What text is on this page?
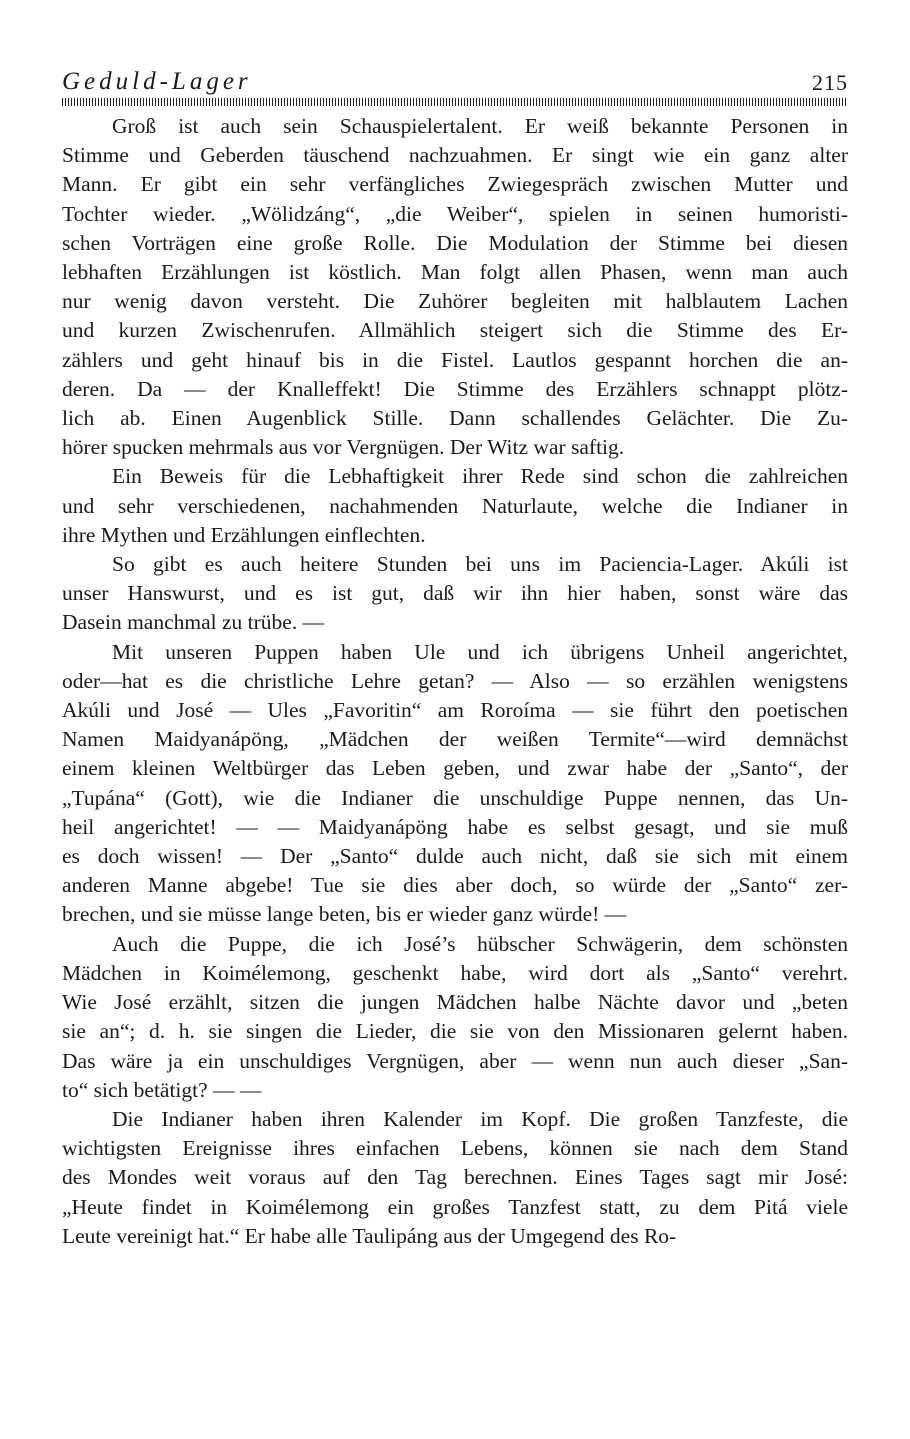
Geduld-Lager	215
Groß ist auch sein Schauspielertalent. Er weiß bekannte Personen in
Stimme und Geberden täuschend nachzuahmen. Er singt wie ein ganz alter
Mann. Er gibt ein sehr verfängliches Zwiegespräch zwischen Mutter und
Tochter wieder. „Wölidzáng“, „die Weiber“, spielen in seinen humoristi-
schen Vorträgen eine große Rolle. Die Modulation der Stimme bei diesen
lebhaften Erzählungen ist köstlich. Man folgt allen Phasen, wenn man auch
nur wenig davon versteht. Die Zuhörer begleiten mit halblautem Lachen
und kurzen Zwischenrufen. Allmählich steigert sich die Stimme des Er-
zählers und geht hinauf bis in die Fistel. Lautlos gespannt horchen die an-
deren. Da — der Knalleffekt! Die Stimme des Erzählers schnappt plötz-
lich ab. Einen Augenblick Stille. Dann schallendes Gelächter. Die Zu-
hörer spucken mehrmals aus vor Vergnügen. Der Witz war saftig.
Ein Beweis für die Lebhaftigkeit ihrer Rede sind schon die zahlreichen
und sehr verschiedenen, nachahmenden Naturlaute, welche die Indianer in
ihre Mythen und Erzählungen einflechten.
So gibt es auch heitere Stunden bei uns im Paciencia-Lager. Akúli ist
unser Hanswurst, und es ist gut, daß wir ihn hier haben, sonst wäre das
Dasein manchmal zu trübe. —
Mit unseren Puppen haben Ule und ich übrigens Unheil angerichtet,
oder—hat es die christliche Lehre getan? — Also — so erzählen wenigstens
Akúli und José — Ules „Favoritin“ am Roroíma — sie führt den poetischen
Namen Maidyanápöng, „Mädchen der weißen Termite“—wird demnächst
einem kleinen Weltbürger das Leben geben, und zwar habe der „Santo“, der
„Tupána“ (Gott), wie die Indianer die unschuldige Puppe nennen, das Un-
heil angerichtet! — — Maidyanápöng habe es selbst gesagt, und sie muß
es doch wissen! — Der „Santo“ dulde auch nicht, daß sie sich mit einem
anderen Manne abgebe! Tue sie dies aber doch, so würde der „Santo“ zer-
brechen, und sie müsse lange beten, bis er wieder ganz würde! —
Auch die Puppe, die ich José’s hübscher Schwägerin, dem schönsten
Mädchen in Koimélemong, geschenkt habe, wird dort als „Santo“ verehrt.
Wie José erzählt, sitzen die jungen Mädchen halbe Nächte davor und „beten
sie an“; d. h. sie singen die Lieder, die sie von den Missionaren gelernt haben.
Das wäre ja ein unschuldiges Vergnügen, aber — wenn nun auch dieser „San-
to“ sich betätigt? — —
Die Indianer haben ihren Kalender im Kopf. Die großen Tanzfeste, die
wichtigsten Ereignisse ihres einfachen Lebens, können sie nach dem Stand
des Mondes weit voraus auf den Tag berechnen. Eines Tages sagt mir José:
„Heute findet in Koimélemong ein großes Tanzfest statt, zu dem Pitá viele
Leute vereinigt hat.“ Er habe alle Taulipáng aus der Umgegend des Ro-
